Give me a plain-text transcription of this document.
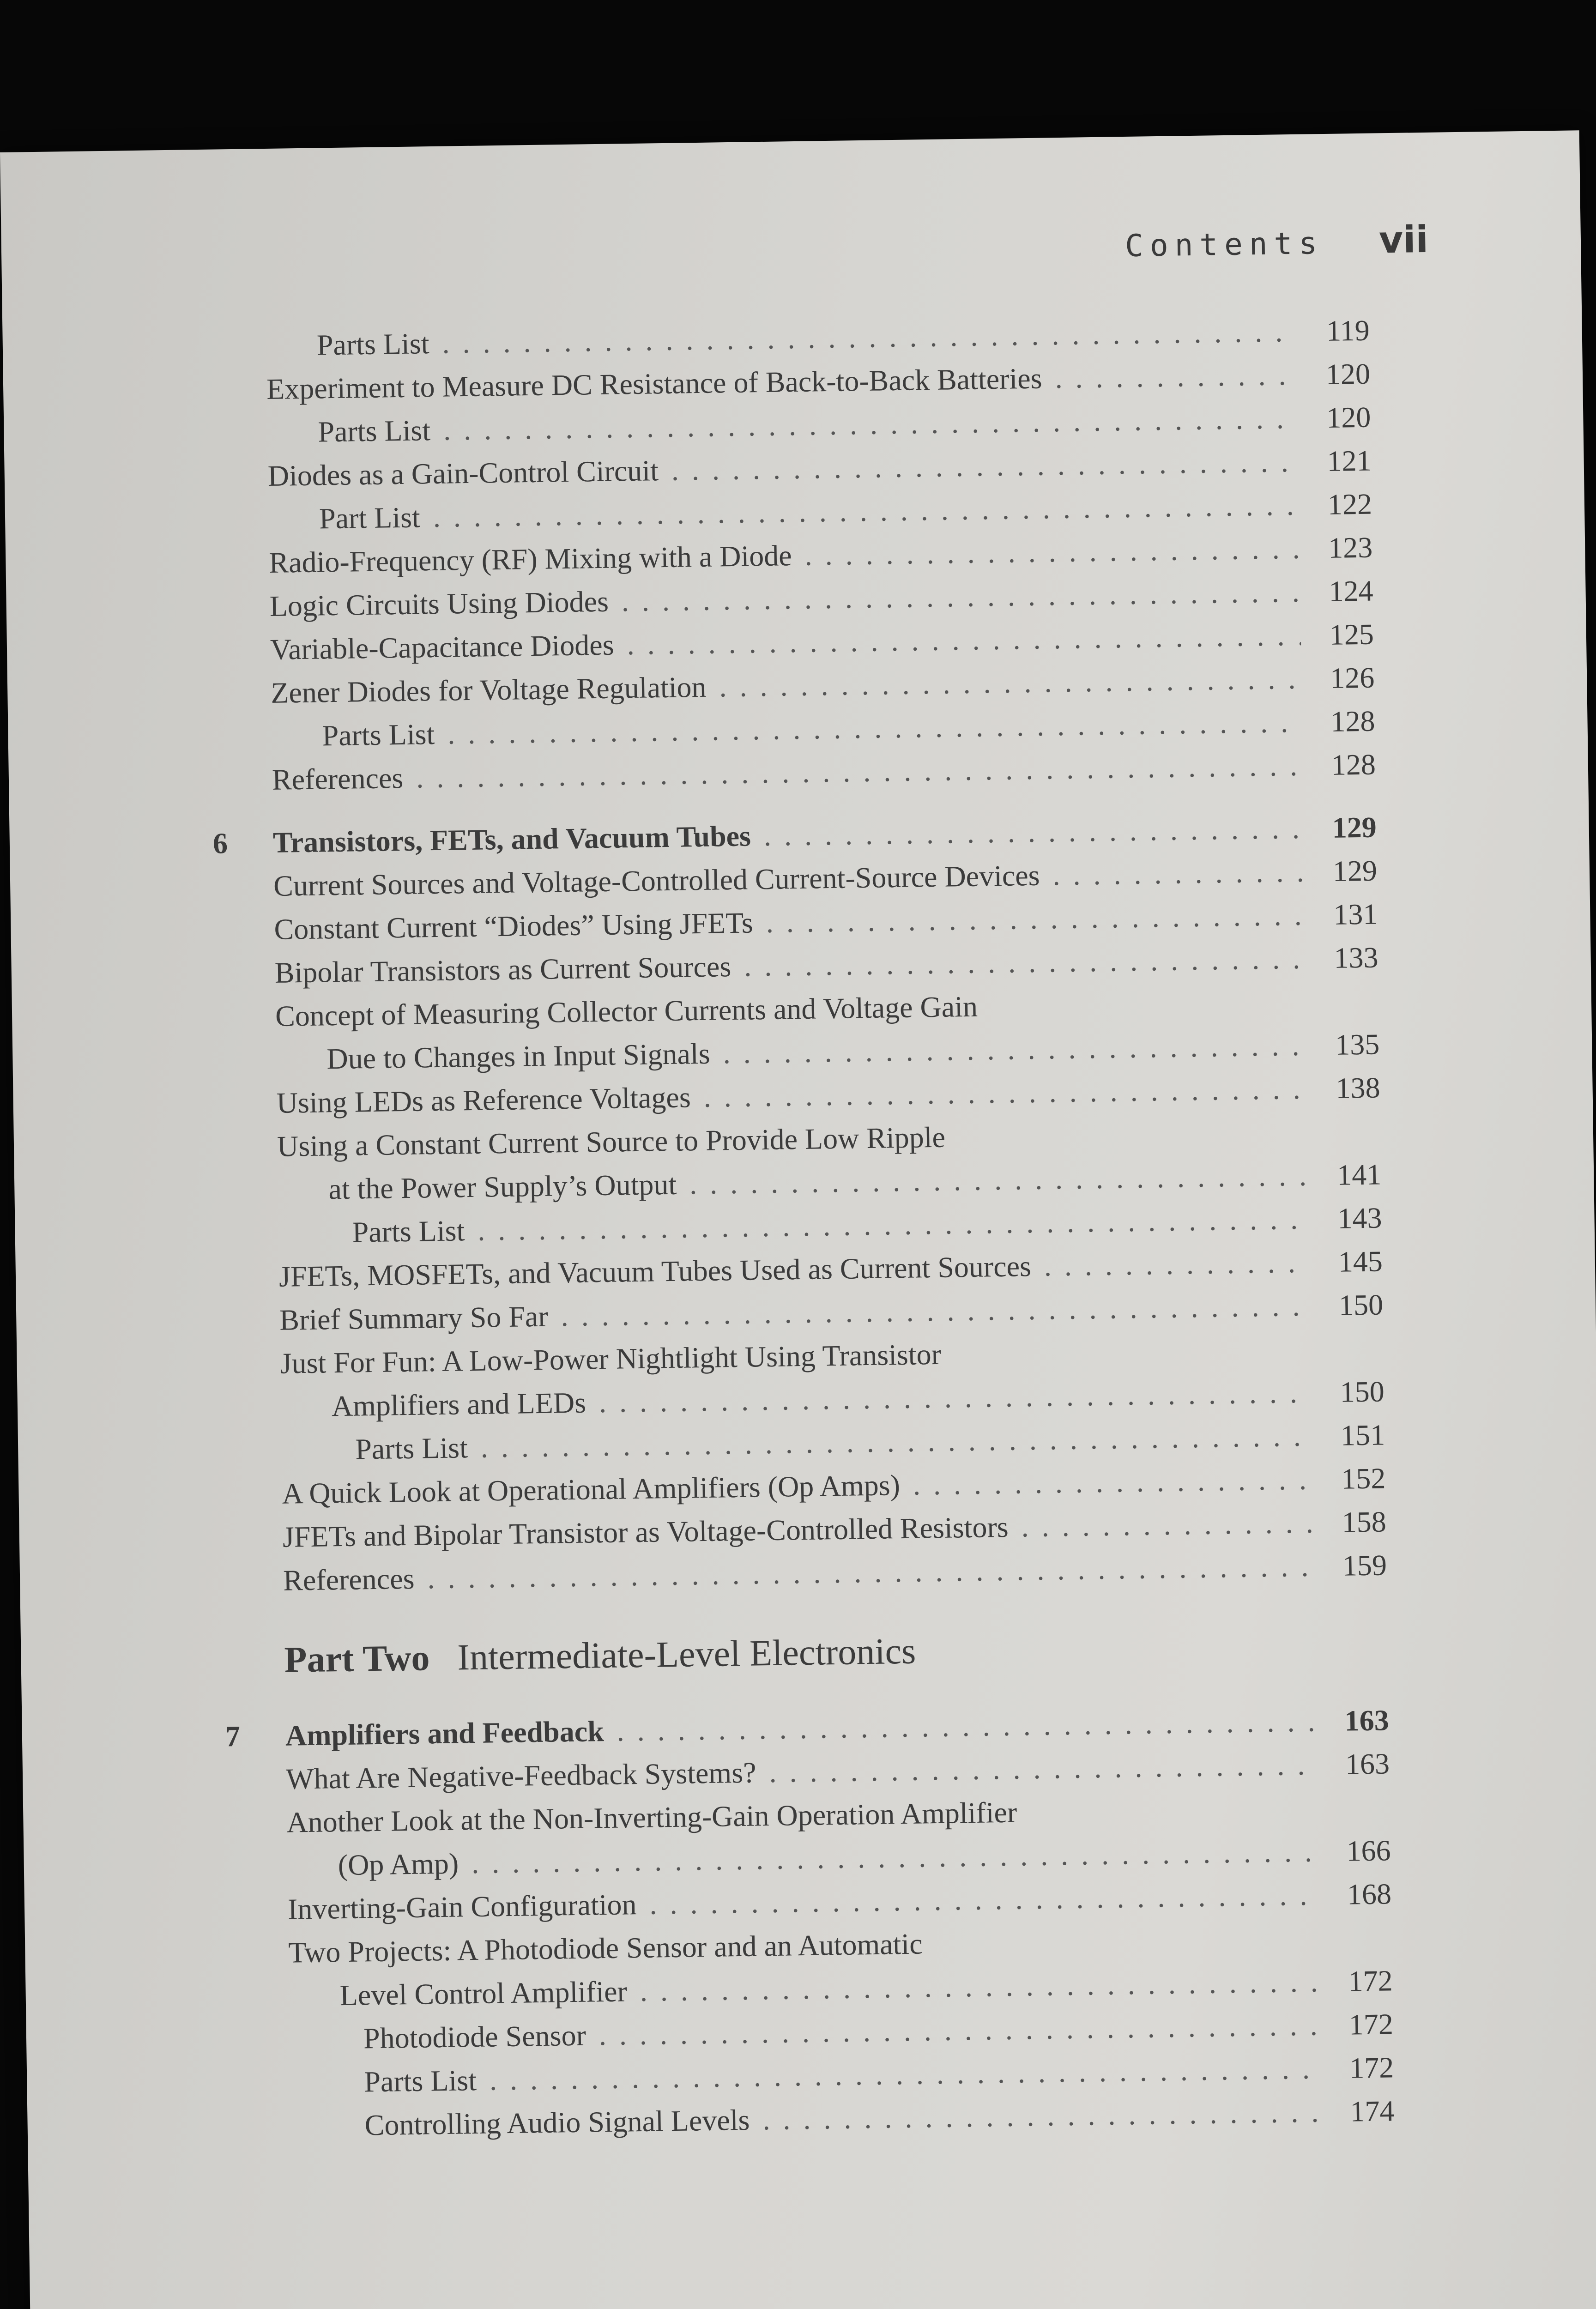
Contents vii
Parts List . . .	119
Experiment to Measure DC Resistance of Back-to-Back Batteries . . .	120
Parts List . . .	120
Diodes as a Gain-Control Circuit . . .	121
Part List . . .	122
Radio-Frequency (RF) Mixing with a Diode . . .	123
Logic Circuits Using Diodes . . .	124
Variable-Capacitance Diodes . . .	125
Zener Diodes for Voltage Regulation . . .	126
Parts List . . .	128
References . . .	128
6	Transistors, FETs, and Vacuum Tubes . . .	129
Current Sources and Voltage-Controlled Current-Source Devices . . .	129
Constant Current “Diodes” Using JFETs . . .	131
Bipolar Transistors as Current Sources . . .	133
Concept of Measuring Collector Currents and Voltage Gain
Due to Changes in Input Signals . . .	135
Using LEDs as Reference Voltages . . .	138
Using a Constant Current Source to Provide Low Ripple
at the Power Supply’s Output . . .	141
Parts List . . .	143
JFETs, MOSFETs, and Vacuum Tubes Used as Current Sources . . .	145
Brief Summary So Far . . .	150
Just For Fun: A Low-Power Nightlight Using Transistor
Amplifiers and LEDs . . .	150
Parts List . . .	151
A Quick Look at Operational Amplifiers (Op Amps) . . .	152
JFETs and Bipolar Transistor as Voltage-Controlled Resistors . . .	158
References . . .	159
Part Two Intermediate-Level Electronics
7	Amplifiers and Feedback . . .	163
What Are Negative-Feedback Systems? . . .	163
Another Look at the Non-Inverting-Gain Operation Amplifier
(Op Amp) . . .	166
Inverting-Gain Configuration . . .	168
Two Projects: A Photodiode Sensor and an Automatic
Level Control Amplifier . . .	172
Photodiode Sensor . . .	172
Parts List . . .	172
Controlling Audio Signal Levels . . .	174
